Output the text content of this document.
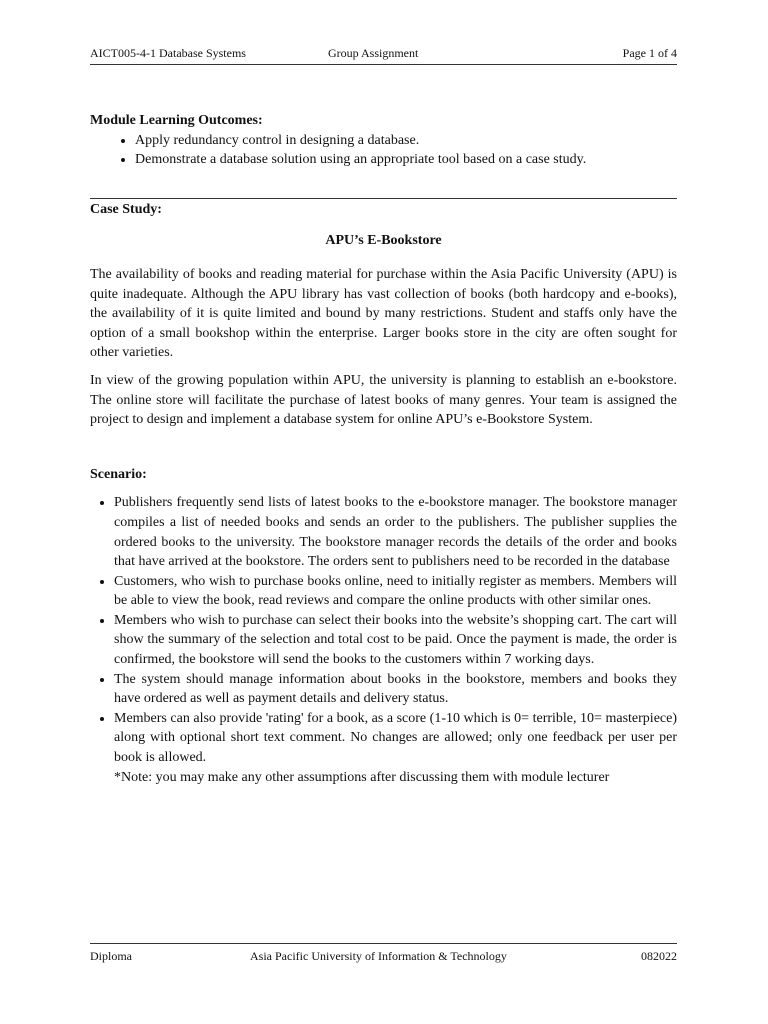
AICT005-4-1 Database Systems	Group Assignment	Page 1 of 4

Module Learning Outcomes:

• Apply redundancy control in designing a database.
• Demonstrate a database solution using an appropriate tool based on a case study.

Case Study:

APU’s E-Bookstore

The availability of books and reading material for purchase within the Asia Pacific University (APU) is quite inadequate. Although the APU library has vast collection of books (both hardcopy and e-books), the availability of it is quite limited and bound by many restrictions. Student and staffs only have the option of a small bookshop within the enterprise. Larger books store in the city are often sought for other varieties.

In view of the growing population within APU, the university is planning to establish an e-bookstore. The online store will facilitate the purchase of latest books of many genres. Your team is assigned the project to design and implement a database system for online APU’s e-Bookstore System.

Scenario:

• Publishers frequently send lists of latest books to the e-bookstore manager. The bookstore manager compiles a list of needed books and sends an order to the publishers. The publisher supplies the ordered books to the university. The bookstore manager records the details of the order and books that have arrived at the bookstore. The orders sent to publishers need to be recorded in the database
• Customers, who wish to purchase books online, need to initially register as members. Members will be able to view the book, read reviews and compare the online products with other similar ones.
• Members who wish to purchase can select their books into the website’s shopping cart. The cart will show the summary of the selection and total cost to be paid. Once the payment is made, the order is confirmed, the bookstore will send the books to the customers within 7 working days.
• The system should manage information about books in the bookstore, members and books they have ordered as well as payment details and delivery status.
• Members can also provide 'rating' for a book, as a score (1-10 which is 0= terrible, 10= masterpiece) along with optional short text comment. No changes are allowed; only one feedback per user per book is allowed.

*Note: you may make any other assumptions after discussing them with module lecturer

Diploma	Asia Pacific University of Information & Technology	082022
